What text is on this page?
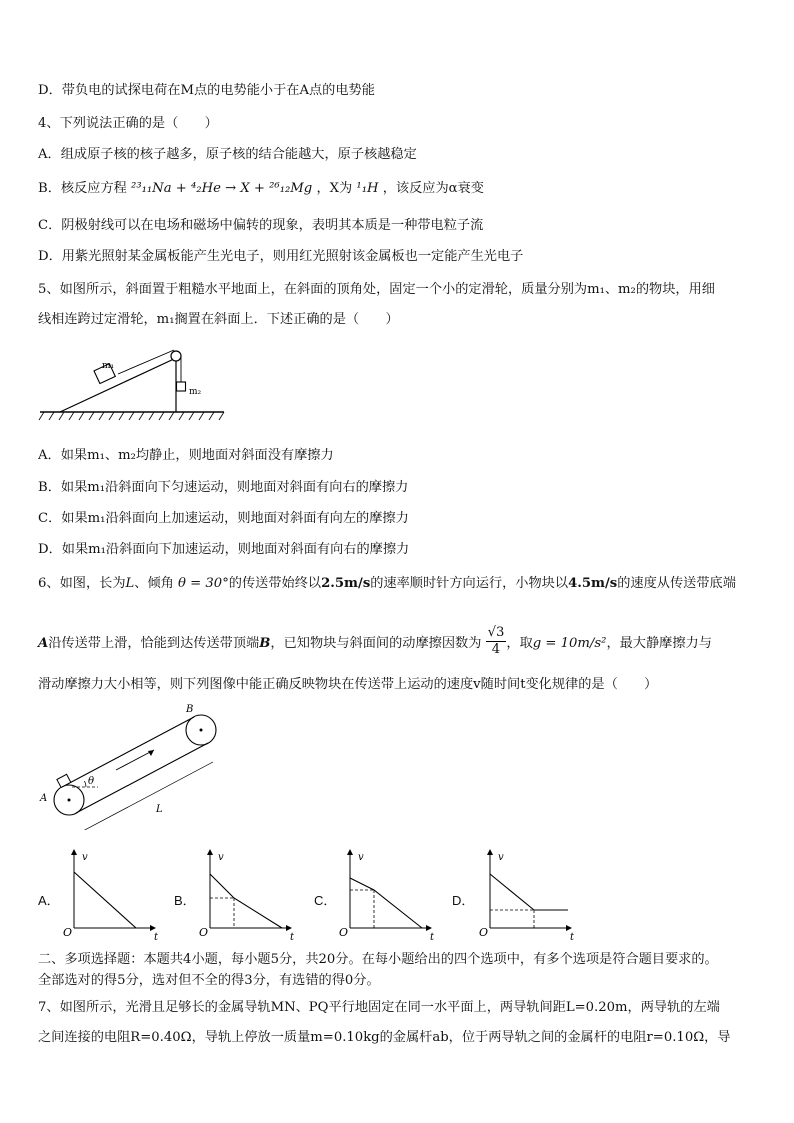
D．带负电的试探电荷在M点的电势能小于在A点的电势能
4、下列说法正确的是（　　）
A．组成原子核的核子越多，原子核的结合能越大，原子核越稳定
B．核反应方程 ²³₁₁Na + ⁴₂He → X + ²⁶₁₂Mg ，X为 ¹₁H ，该反应为α衰变
C．阴极射线可以在电场和磁场中偏转的现象，表明其本质是一种带电粒子流
D．用紫光照射某金属板能产生光电子，则用红光照射该金属板也一定能产生光电子
5、如图所示，斜面置于粗糙水平地面上，在斜面的顶角处，固定一个小的定滑轮，质量分别为m₁、m₂的物块，用细
线相连跨过定滑轮，m₁搁置在斜面上．下述正确的是（　　）
m₁
m₂
A．如果m₁、m₂均静止，则地面对斜面没有摩擦力
B．如果m₁沿斜面向下匀速运动，则地面对斜面有向右的摩擦力
C．如果m₁沿斜面向上加速运动，则地面对斜面有向左的摩擦力
D．如果m₁沿斜面向下加速运动，则地面对斜面有向右的摩擦力
6、如图，长为L、倾角 θ = 30°的传送带始终以2.5m/s的速率顺时针方向运行，小物块以4.5m/s的速度从传送带底端
A沿传送带上滑，恰能到达传送带顶端B，已知物块与斜面间的动摩擦因数为 $\frac{√3}{4}$ ，取g = 10m/s²，最大静摩擦力与
滑动摩擦力大小相等，则下列图像中能正确反映物块在传送带上运动的速度v随时间t变化规律的是（　　）
θ
A
B
L
A．
v
O	t
B．
v
O	t
C．
v
O	t
D．
v
O	t
二、多项选择题：本题共4小题，每小题5分，共20分。在每小题给出的四个选项中，有多个选项是符合题目要求的。
全部选对的得5分，选对但不全的得3分，有选错的得0分。
7、如图所示，光滑且足够长的金属导轨MN、PQ平行地固定在同一水平面上，两导轨间距L=0.20m，两导轨的左端
之间连接的电阻R=0.40Ω，导轨上停放一质量m=0.10kg的金属杆ab，位于两导轨之间的金属杆的电阻r=0.10Ω，导
